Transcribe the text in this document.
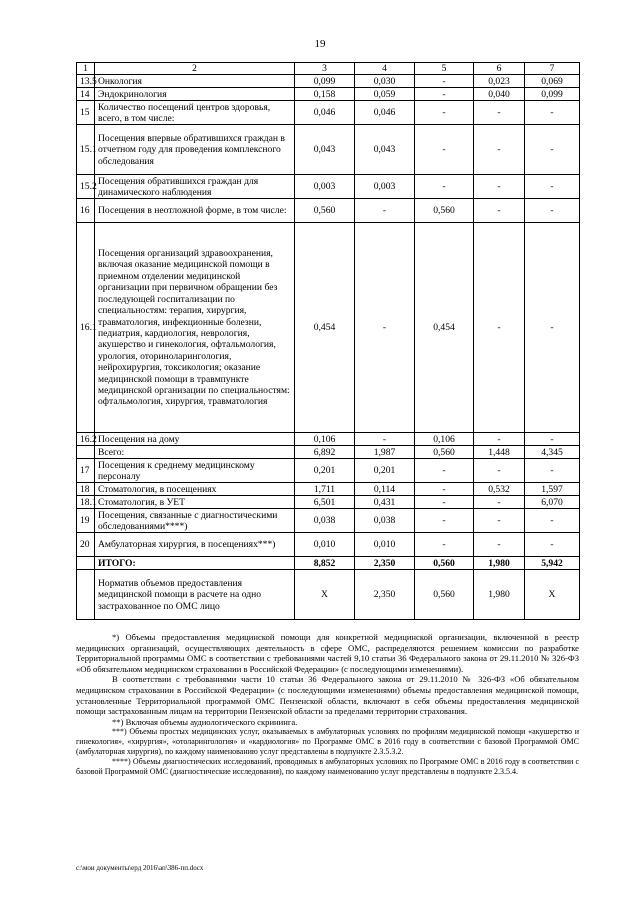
19
1	2	3	4	5	6	7
13.5	Онкология	0,099	0,030	-	0,023	0,069
14	Эндокринология	0,158	0,059	-	0,040	0,099
15	Количество посещений центров здоровья, всего, в том числе:	0,046	0,046	-	-	-
15.1	Посещения впервые обратившихся граждан в отчетном году для проведения комплексного обследования	0,043	0,043	-	-	-
15.2	Посещения обратившихся граждан для динамического наблюдения	0,003	0,003	-	-	-
16	Посещения в неотложной форме, в том числе:	0,560	-	0,560	-	-
16.1	Посещения организаций здравоохранения, включая оказание медицинской помощи в приемном отделении медицинской организации при первичном обращении без последующей госпитализации по специальностям: терапия, хирургия, травматология, инфекционные болезни, педиатрия, кардиология, неврология, акушерство и гинекология, офтальмология, урология, оториноларингология, нейрохирургия, токсикология; оказание медицинской помощи в травмпункте медицинской организации по специальностям: офтальмология, хирургия, травматология	0,454	-	0,454	-	-
16.2	Посещения на дому	0,106	-	0,106	-	-
	Всего:	6,892	1,987	0,560	1,448	4,345
17	Посещения к среднему медицинскому персоналу	0,201	0,201	-	-	-
18	Стоматология, в посещениях	1,711	0,114	-	0,532	1,597
18.1	Стоматология, в УЕТ	6,501	0,431	-	-	6,070
19	Посещения, связанные с диагностическими обследованиями****)	0,038	0,038	-	-	-
20	Амбулаторная хирургия, в посещениях***)	0,010	0,010	-	-	-
	ИТОГО:	8,852	2,350	0,560	1,980	5,942
	Норматив объемов предоставления медицинской помощи в расчете на одно застрахованное по ОМС лицо	Х	2,350	0,560	1,980	Х

*) Объемы предоставления медицинской помощи для конкретной медицинской организации, включенной в реестр медицинских организаций, осуществляющих деятельность в сфере ОМС, распределяются решением комиссии по разработке Территориальной программы ОМС в соответствии с требованиями частей 9,10 статьи 36 Федерального закона от 29.11.2010 № 326-ФЗ «Об обязательном медицинском страховании в Российской Федерации» (с последующими изменениями).

В соответствии с требованиями части 10 статьи 36 Федерального закона от 29.11.2010 № 326-ФЗ «Об обязательном медицинском страховании в Российской Федерации» (с последующими изменениями) объемы предоставления медицинской помощи, установленные Территориальной программой ОМС Пензенской области, включают в себя объемы предоставления медицинской помощи застрахованным лицам на территории Пензенской области за пределами территории страхования.

**) Включая объемы аудиологического скрининга.

***) Объемы простых медицинских услуг, оказываемых в амбулаторных условиях по профилям медицинской помощи «акушерство и гинекология», «хирургия», «отоларингология» и «кардиология» по Программе ОМС в 2016 году в соответствии с базовой Программой ОМС (амбулаторная хирургия), по каждому наименованию услуг представлены в подпункте 2.3.5.3.2.

****) Объемы диагностических исследований, проводимых в амбулаторных условиях по Программе ОМС в 2016 году в соответствии с базовой Программой ОМС (диагностические исследования), по каждому наименованию услуг представлены в подпункте 2.3.5.4.

c:\мои документы\ерд 2016\ап\386-пп.docx
